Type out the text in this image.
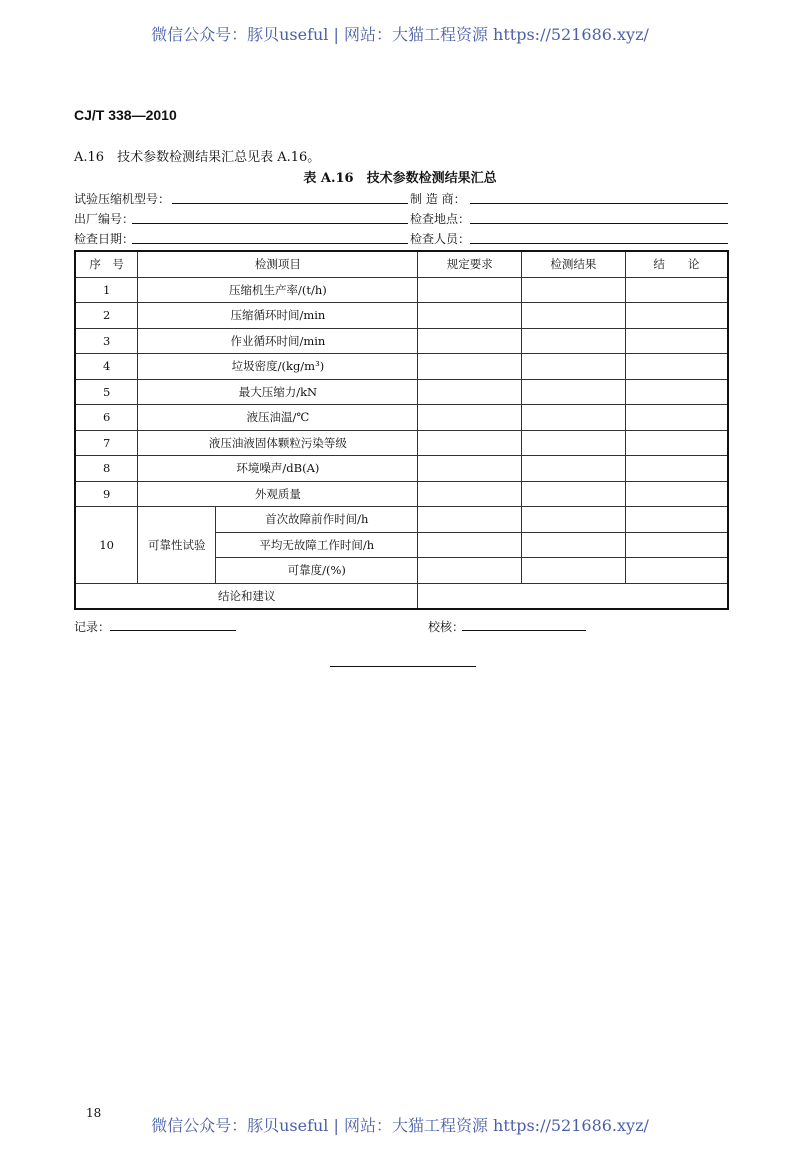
微信公众号：豚贝useful | 网站：大猫工程资源 https://521686.xyz/
CJ/T 338—2010
A.16　技术参数检测结果汇总见表 A.16。
表 A.16　技术参数检测结果汇总
试验压缩机型号：	制 造 商：
出厂编号：	检查地点：
检查日期：	检查人员：
序　号	检测项目		规定要求	检测结果	结　　论
1	压缩机生产率/(t/h)				
2	压缩循环时间/min				
3	作业循环时间/min				
4	垃圾密度/(kg/m³)				
5	最大压缩力/kN				
6	液压油温/℃				
7	液压油液固体颗粒污染等级				
8	环境噪声/dB(A)				
9	外观质量				
10	可靠性试验	首次故障前作时间/h			
		平均无故障工作时间/h			
		可靠度/(%)			
结论和建议					
记录：	校核：
18
微信公众号：豚贝useful | 网站：大猫工程资源 https://521686.xyz/
